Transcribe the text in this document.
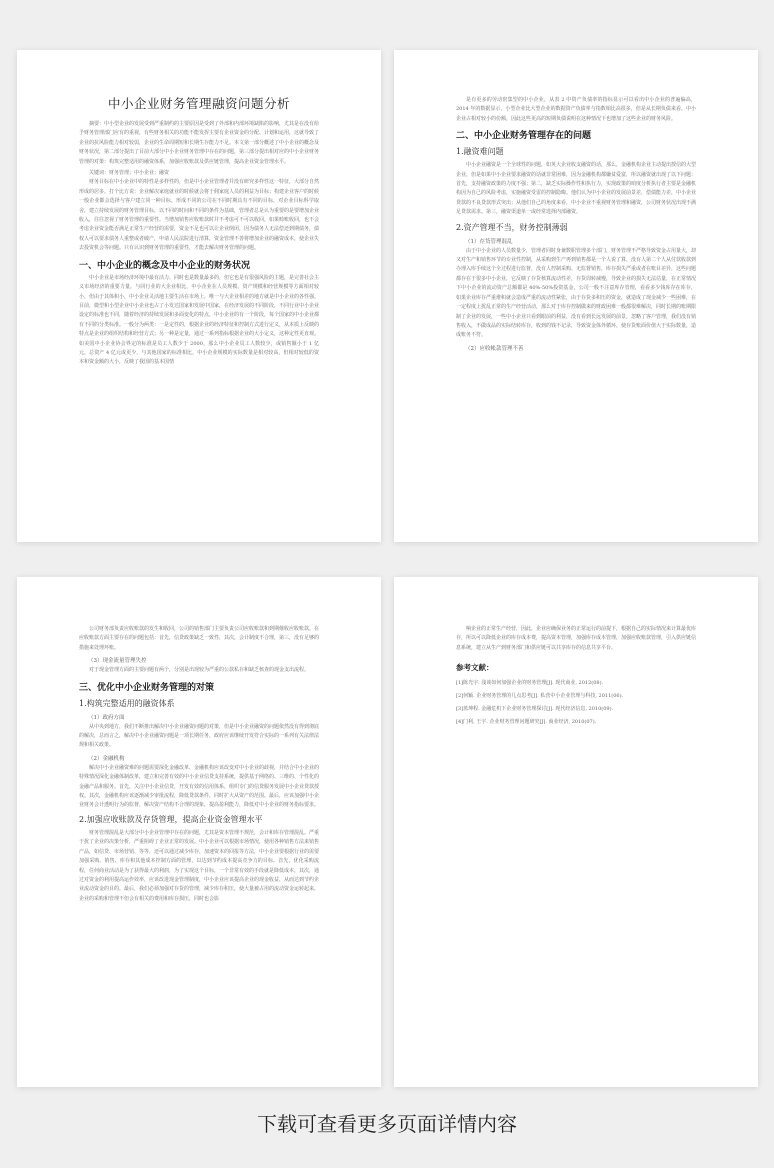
中小企业财务管理融资问题分析

摘要：中小型企业的发展受到严重制约的主要原因是受到了外部和内部环境缺陷的影响，尤其是在没有给予财务管理部门应有的重视，有些财务相关的功能不能发挥主要有企业资金的分配、计划和运用，这就导致了企业的抗风险能力相对较弱，企业的生命周期短和长期生存能力不足。本文第一部分概述了中小企业的概念及财务状况，第二部分提出了目前大部分中小企业财务管理中存在的问题，第三部分提出相对应的中小企业财务管理的对策：构筑完整适用的融资体系，加强应收账款及供应链管理，提高企业资金管理水平。

关键词：财务管理；中小企业；融资

财务目标在中小企业中的特性是多样性的，但是中小企业管理者并没有研究多样性这一特征，大部分自然形成的居多。打个比方说：企业解决家庭就业的时候就会将于佣家庭人员的利益为目标；构建企业客户的时候一般企业都会选择与客户建立同一种目标，形成不同的公司在不同时期具有不同的目标，对企业目标科学取舍，建立持续发展的财务管理目标，以不同的时间和不同的条件为基础，管理者总是认为重要的是要增加企业收入，往往忽视了财务管理的重要性。当增加销售应收账款时并不考虑可不可以收回，如果赊账收回，也不会考虑企业资金能否满足正常生产经营的需要，资金不足也可以让企业倒闭，因为债务人无法偿还到期债务，债权人可以要求债务人重整或者破产，申请人民法院进行清算，资金管理不善将增加企业的融资成本，使企业失去投资机会等问题。只有认识到财务管理的重要性，才能去解决财务管理的问题。

一、中小企业的概念及中小企业的财务状况

中小企业是市场经济环境中最有活力、同时也是数量最多的，但它也是有很强风险的主题，是完善社会主义市场经济的重要力量。与同行业的大企业相比，中小企业在人员规模、资产规模和经营规模等方面相对较小，但由于其体积小，中小企业灵活地主要生活在市场上，唯一与大企业相差的地方就是中小企业的各性强。目前，微型和小型企业中小企业也占了小发达国家和发展中国家，在经济发展的不同阶段，不同行业中小企业设定的标准也不同，随着经济的持续发展和多面变化的特点，中小企业的有一个阶段，每个国家的中小企业都有不同的分类标准。一般分为两类：一是定性的，根据企业的经济特征和控制方式进行定义，从本质上反映的特点是企业的组织结构和经营方式；另一种是定量，通过一系列指标根据企业的大小定义，这种定性更直观。如美国中小企业协会界定的标准是员工人数少于 2000，那么中小企业员工人数较少，或销售额小于 1 亿元，总资产 4 亿元或更少，与其他国家的标准相比，中小企业规模的实际数量是相对较高，但相对较低的资本和资金额的大小，反映了我国的基本国情

是有更多的劳动密集型的中小企业，从表 2 中资产负债率的指标显示可以看出中小企业的普遍偏高，2014 年的数据显示，小型企业比大型企业的数据资产负债率与指数相比高很多，但是从长期负债来看，中小企业占相对较小的份额，因此这些更高的短期负债说明在这种情况下也增加了这些企业的财务风险。

二、中小企业财务管理存在的问题

1.融资难问题

中小企业融资是一个全球性的问题，如英大企业收支融资的话，那么，金融机构企业主动提出授信的大型企业，但是如果中小企业要求融资的话就非常困难，因为金融机构都嫌贫爱富，所以融资就出现了以下问题：首先，支持融资政策的力度不强；第二，缺乏实际操作性和执行力，实现政策的咱度分析执行者主要是金融机构因为自己的风险考虑，实施融资受雷的控制隐晦。他们认为中小企业的发展前景差，偿债能力差，中小企业贷款的不良贷款形式突出；从他们自己的角度来看，中小企业不重视财务管理和融资，公司财务状况出现不满足贷款需求。第三，融资渠道单一或经常选择内部融资。

2.资产管理不当，财务控制薄弱

（1）存货管理混乱

由于中小企业的人员数量少，管理者同时身兼数职管理多个部门，财务管理不严格导致资金占用量大，却又对生产和销售环节的专业性控制，从采购到生产再到销售都是一个人说了算，没有人第二个人从付款收款到办理入库手续这个全过程进行监督，没有人控制采购、无监督销售，库存损失严重或者在账目差异，这些问题都存在于很多中小企业，它反映了存货核算流动性差，存货周转减慢，导致企业的损失无法估量，在正常情况下中小企业的流动资产总额都是 40%-50%投资基金，公司一般不注意库存管理，看看多少钱库存在库存，如果企业库存严重堆积就会造成严重的流动性紧张，由于存货多积压的资金，就造成了现金减少一些困难，在一定程度上扰乱正常的生产经营活动，那么对于库存控制做来的财政困难一般都很难解决，同时长期的账期限制了企业的发展，一些中小企业只看到眼前的利益，没有看到长远发展的前景，忽略了客户管理，我们没有销售收入，不做成品的实际结转库存，收到的钱不记录，导致资金体外循环，使存货账面价值大于实际数量，造成账务不符。

（2）应收帐款管理不善

公司财务部负责应收账款的发生和收回，公司的销售部门主要负责公司应收账款和到期催收应收账款。在应收账款方面主要存在的问题包括：首先，信贷政策缺乏一致性，其次，会计制度不合理，第三，没有足够的措施来处理坏账。

（3）现金流量管理失控

对于现金管理方面的主要问题有两个，分别是出现较为严重的公款私存和缺乏核查的现金支出流程。

三、优化中小企业财务管理的对策

1.构筑完整适用的融资体系

（1）政府方面

从中央到地方，我们不断推出解决中小企业融资问题的对策，但是中小企业融资的问题依然没有得到彻底的解决，总而言之，解决中小企业融资问题是一项长期任务，政府应该继续开发符合实际的一系列有关法律法规和相关政策。

（2）金融机构

解决中小企业融资难的问题需要深化金融改革、金融机构应该改变对中小企业的歧视，并结合中小企业的特殊情况深化金融体制改革，建立和完善有效的中小企业信贷支持系统，提供基于网络的、三维的、个性化的金融产品和服务。首先，关注中小企业信贷，开发有效的信用体系，组织专门的信贷服务发展中小企业贷款授权。其次，金融机构应该逐渐减少审批流程，降低贷款条件，同时扩大从资产的范围。最后，应该加强中小企业财务会计透明行为的监督，解决资产结构不合理的现象，提高盈利能力，降低对中小企业的财务指标要求。

2.加强应收账款及存货管理，提高企业资金管理水平

财务管理混乱是大部分中小企业管理中存在的问题，尤其是资本管理不规范，会计和库存管理混乱。严重干扰了企业的决策分析，严重阻碍了企业正常的发展。中小企业可以根据市场情况，使用各种销售方法来销售产品，如信贷、市场营销、等等，还可以通过减少库存，加速资本的回报等方法，中小企业要根据行业的需要加强采购、销售、库存和其他成本控制方面的管理，以达到节约成本提高竞争力的目标。首先，优化采购流程，任何商业活动是为了获得最大的利润，为了实现这个目标，一个非常有效的手段就是降低成本，其次，通过对资金的利用提高运作效率，应该改进现金管理制度，中小企业应该提高企业的现金收益，从而达到节约企业流动资金的目的。最后，我们必须加强对存货的管理，减少库存积压，使大量被占用的流动资金运转起来，企业的采购和管理不但会有相关的费用和库存损压，同时也会影

响企业的正常生产经营，因此，企业应确保业务的正常运行的前提下，根据自己的实际情况来计算最优库存，所以可以降低企业的库存成本费，提高资本管理，加强库存成本管理，加强应收账款管理，引入供应链信息系统，建立从生产到财务部门和供应链可以共享库存的信息共享平台。

参考文献：

[1]陈光宇. 浅谈如何加强企业的财务管理[J]. 现代商业, 2012(08).

[2]何颖. 企业财务管理的几点思考[J]. 私营中小企业管理与科技, 2011(06).

[3]蓝坤程. 金融危机下企业财务管理探讨[J]. 现代经济信息, 2010(09).

[4]门利, 王宇. 企业财务管理问题研究[J]. 商业经济, 2010(07).

下载可查看更多页面详情内容
